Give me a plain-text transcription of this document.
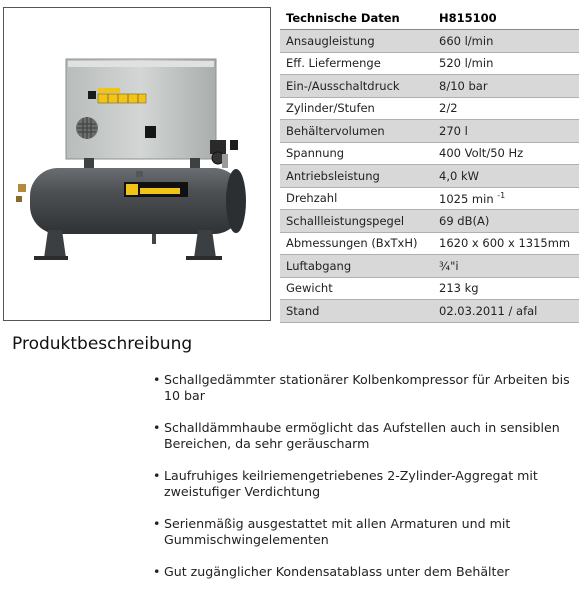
Technische Daten	H815100
Ansaugleistung	660 l/min
Eff. Liefermenge	520 l/min
Ein-/Ausschaltdruck	8/10 bar
Zylinder/Stufen	2/2
Behältervolumen	270 l
Spannung	400 Volt/50 Hz
Antriebsleistung	4,0 kW
Drehzahl	1025 min $^{-1}$
Schallleistungspegel	69 dB(A)
Abmessungen (BxTxH)	1620 x 600 x 1315mm
Luftabgang	¾"i
Gewicht	213 kg
Stand	02.03.2011 / afal
Produktbeschreibung
• Schallgedämmter stationärer Kolbenkompressor für Arbeiten bis 10 bar
• Schalldämmhaube ermöglicht das Aufstellen auch in sensiblen Bereichen, da sehr geräuscharm
• Laufruhiges keilriemengetriebenes 2-Zylinder-Aggregat mit zweistufiger Verdichtung
• Serienmäßig ausgestattet mit allen Armaturen und mit Gummischwingelementen
• Gut zugänglicher Kondensatablass unter dem Behälter
